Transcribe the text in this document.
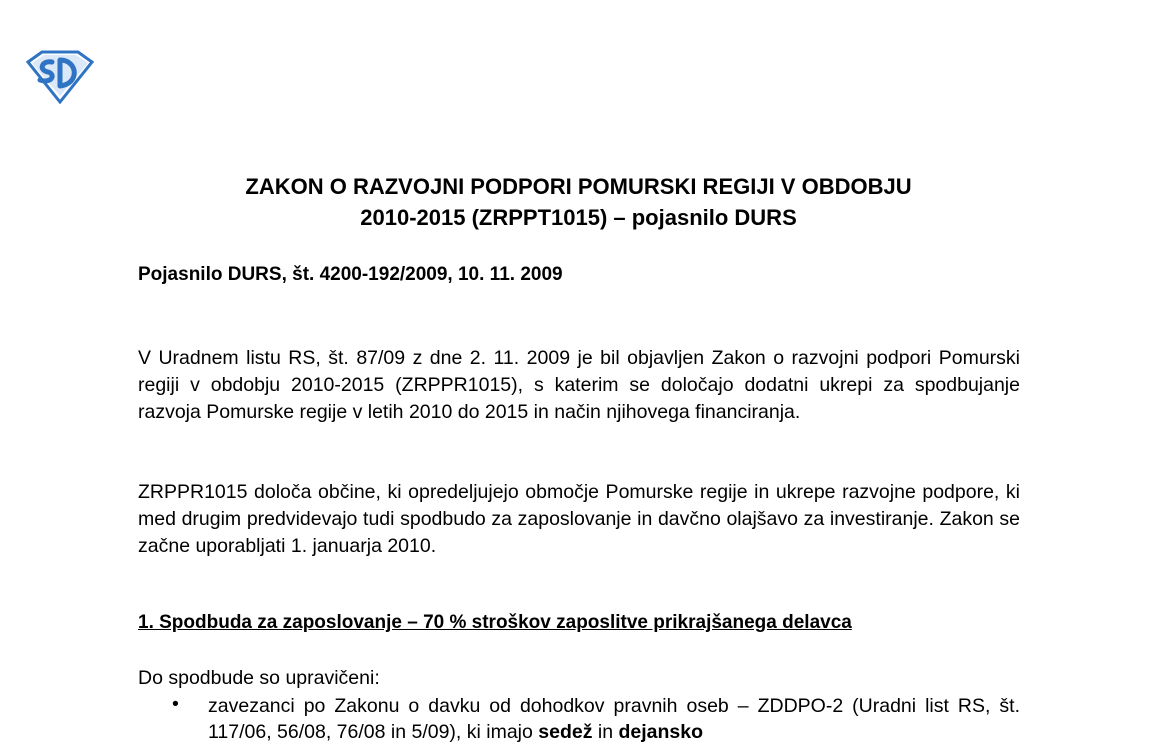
ZAKON O RAZVOJNI PODPORI POMURSKI REGIJI V OBDOBJU
2010-2015 (ZRPPT1015) – pojasnilo DURS
Pojasnilo DURS, št. 4200-192/2009, 10. 11. 2009
V Uradnem listu RS, št. 87/09 z dne 2. 11. 2009 je bil objavljen Zakon o razvojni podpori Pomurski regiji v obdobju 2010-2015 (ZRPPR1015), s katerim se določajo dodatni ukrepi za spodbujanje razvoja Pomurske regije v letih 2010 do 2015 in način njihovega financiranja.
ZRPPR1015 določa občine, ki opredeljujejo območje Pomurske regije in ukrepe razvojne podpore, ki med drugim predvidevajo tudi spodbudo za zaposlovanje in davčno olajšavo za investiranje. Zakon se začne uporabljati 1. januarja 2010.
1. Spodbuda za zaposlovanje – 70 % stroškov zaposlitve prikrajšanega delavca
Do spodbude so upravičeni:
• zavezanci po Zakonu o davku od dohodkov pravnih oseb – ZDDPO-2 (Uradni list RS, št. 117/06, 56/08, 76/08 in 5/09), ki imajo sedež in dejansko
